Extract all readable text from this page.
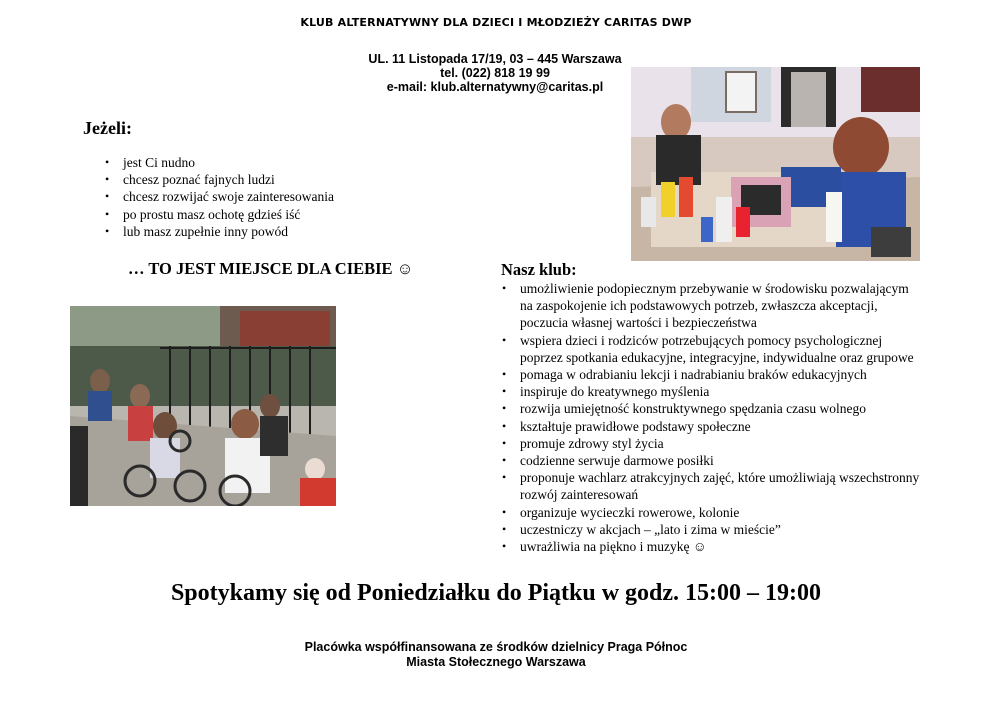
KLUB ALTERNATYWNY DLA DZIECI I MŁODZIEŻY CARITAS DWP
UL. 11 Listopada 17/19, 03 – 445 Warszawa
tel. (022) 818 19 99
e-mail: klub.alternatywny@caritas.pl
Jeżeli:
• jest Ci nudno
• chcesz poznać fajnych ludzi
• chcesz rozwijać swoje zainteresowania
• po prostu masz ochotę gdzieś iść
• lub masz zupełnie inny powód
… TO JEST MIEJSCE DLA CIEBIE ☺	Nasz klub:
• umożliwienie podopiecznym przebywanie w środowisku pozwalającym na zaspokojenie ich podstawowych potrzeb, zwłaszcza akceptacji, poczucia własnej wartości i bezpieczeństwa
• wspiera dzieci i rodziców potrzebujących pomocy psychologicznej poprzez spotkania edukacyjne, integracyjne, indywidualne oraz grupowe
• pomaga w odrabianiu lekcji i nadrabianiu braków edukacyjnych
• inspiruje do kreatywnego myślenia
• rozwija umiejętność konstruktywnego spędzania czasu wolnego
• kształtuje prawidłowe podstawy społeczne
• promuje zdrowy styl życia
• codzienne serwuje darmowe posiłki
• proponuje wachlarz atrakcyjnych zajęć, które umożliwiają wszechstronny rozwój zainteresowań
• organizuje wycieczki rowerowe, kolonie
• uczestniczy w akcjach – „lato i zima w mieście”
• uwrażliwia na piękno i muzykę ☺
Spotykamy się od Poniedziałku do Piątku w godz. 15:00 – 19:00
Placówka współfinansowana ze środków dzielnicy Praga Północ
Miasta Stołecznego Warszawa
